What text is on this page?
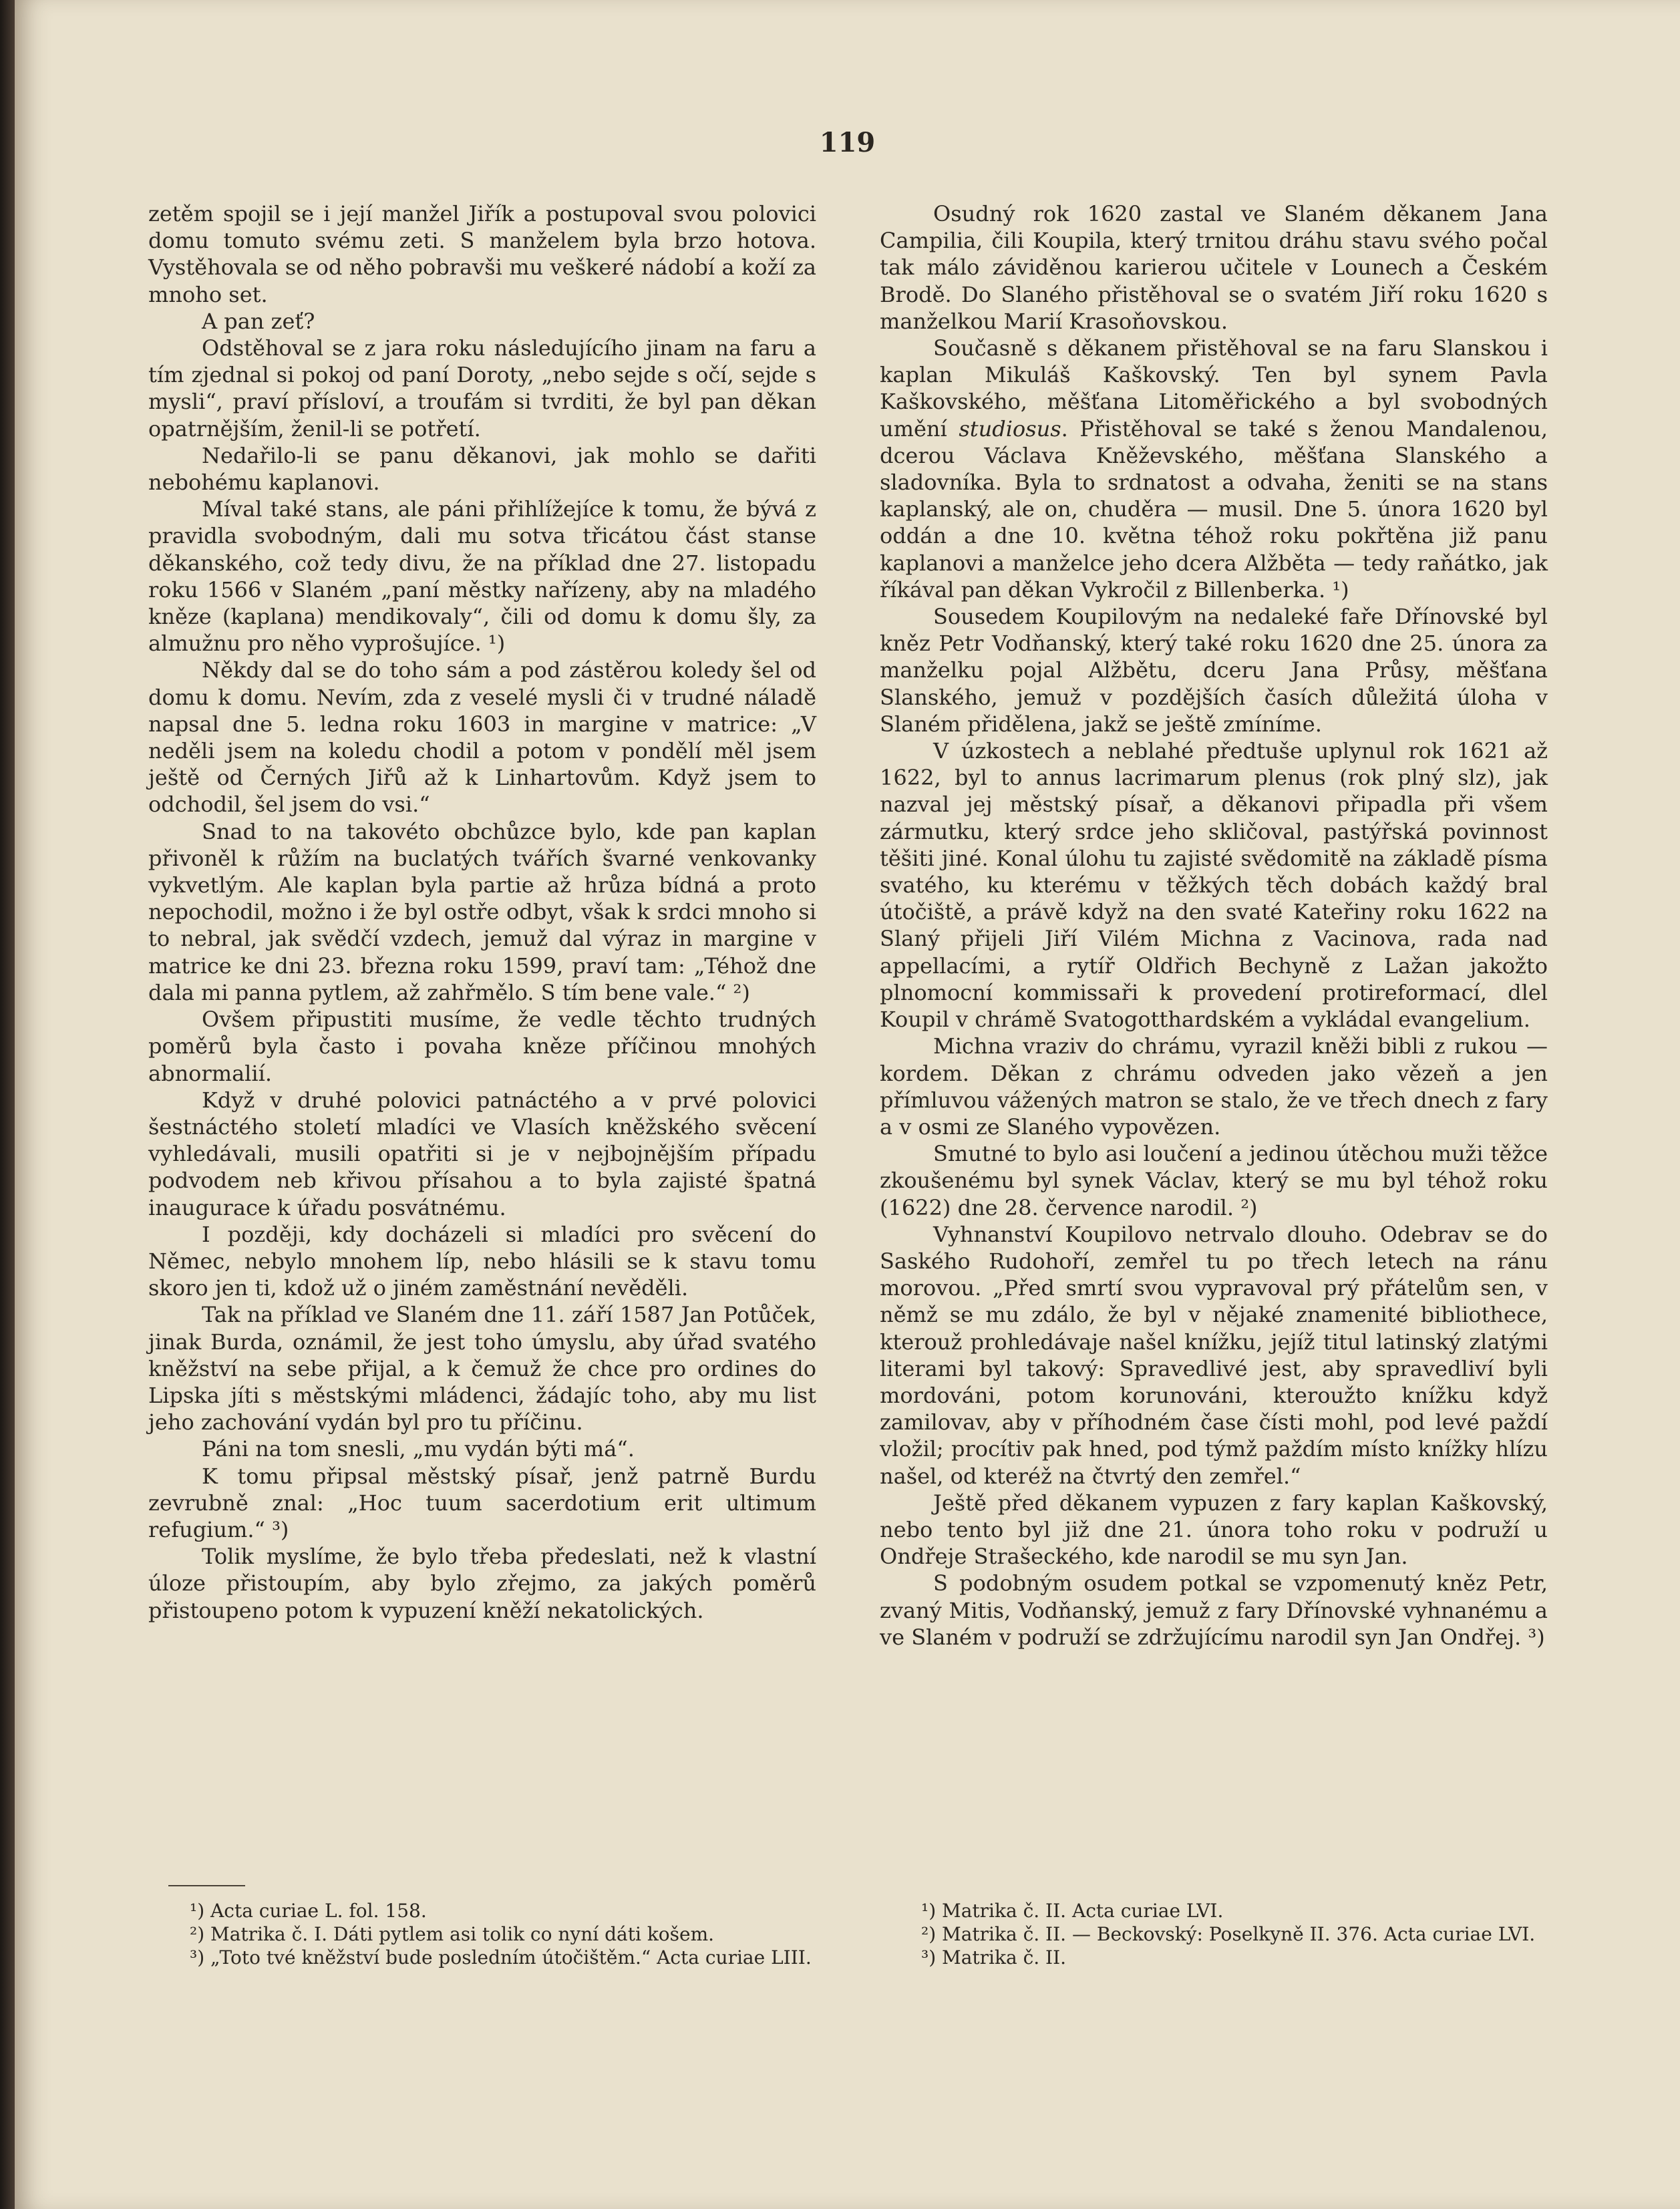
119

zetěm spojil se i její manžel Jiřík a postupoval svou polovici domu tomuto svému zeti. S manželem byla brzo hotova. Vystěhovala se od něho pobravši mu veškeré nádobí a koží za mnoho set.

A pan zeť?

Odstěhoval se z jara roku následujícího jinam na faru a tím zjednal si pokoj od paní Doroty, „nebo sejde s očí, sejde s mysli“, praví přísloví, a troufám si tvrditi, že byl pan děkan opatrnějším, ženil-li se potřetí.

Nedařilo-li se panu děkanovi, jak mohlo se dařiti nebohému kaplanovi.

Míval také stans, ale páni přihlížejíce k tomu, že bývá z pravidla svobodným, dali mu sotva třicátou část stanse děkanského, což tedy divu, že na příklad dne 27. listopadu roku 1566 v Slaném „paní městky nařízeny, aby na mladého kněze (kaplana) mendikovaly“, čili od domu k domu šly, za almužnu pro něho vyprošujíce. ¹)

Někdy dal se do toho sám a pod zástěrou koledy šel od domu k domu. Nevím, zda z veselé mysli či v trudné náladě napsal dne 5. ledna roku 1603 in margine v matrice: „V neděli jsem na koledu chodil a potom v pondělí měl jsem ještě od Černých Jiřů až k Linhartovům. Když jsem to odchodil, šel jsem do vsi.“

Snad to na takovéto obchůzce bylo, kde pan kaplan přivoněl k růžím na buclatých tvářích švarné venkovanky vykvetlým. Ale kaplan byla partie až hrůza bídná a proto nepochodil, možno i že byl ostře odbyt, však k srdci mnoho si to nebral, jak svědčí vzdech, jemuž dal výraz in margine v matrice ke dni 23. března roku 1599, praví tam: „Téhož dne dala mi panna pytlem, až zahřmělo. S tím bene vale.“ ²)

Ovšem připustiti musíme, že vedle těchto trudných poměrů byla často i povaha kněze příčinou mnohých abnormalií.

Když v druhé polovici patnáctého a v prvé polovici šestnáctého století mladíci ve Vlasích kněžského svěcení vyhledávali, musili opatřiti si je v nejbojnějším případu podvodem neb křivou přísahou a to byla zajisté špatná inaugurace k úřadu posvátnému.

I později, kdy docházeli si mladíci pro svěcení do Němec, nebylo mnohem líp, nebo hlásili se k stavu tomu skoro jen ti, kdož už o jiném zaměstnání nevěděli.

Tak na příklad ve Slaném dne 11. září 1587 Jan Potůček, jinak Burda, oznámil, že jest toho úmyslu, aby úřad svatého kněžství na sebe přijal, a k čemuž že chce pro ordines do Lipska jíti s městskými mládenci, žádajíc toho, aby mu list jeho zachování vydán byl pro tu příčinu.

Páni na tom snesli, „mu vydán býti má“.

K tomu připsal městský písař, jenž patrně Burdu zevrubně znal: „Hoc tuum sacerdotium erit ultimum refugium.“ ³)

Tolik myslíme, že bylo třeba předeslati, než k vlastní úloze přistoupím, aby bylo zřejmo, za jakých poměrů přistoupeno potom k vypuzení kněží nekatolických.

Osudný rok 1620 zastal ve Slaném děkanem Jana Campilia, čili Koupila, který trnitou dráhu stavu svého počal tak málo záviděnou karierou učitele v Lounech a Českém Brodě. Do Slaného přistěhoval se o svatém Jiří roku 1620 s manželkou Marií Krasoňovskou.

Současně s děkanem přistěhoval se na faru Slanskou i kaplan Mikuláš Kaškovský. Ten byl synem Pavla Kaškovského, měšťana Litoměřického a byl svobodných umění studiosus. Přistěhoval se také s ženou Mandalenou, dcerou Václava Kněževského, měšťana Slanského a sladovníka. Byla to srdnatost a odvaha, ženiti se na stans kaplanský, ale on, chuděra — musil. Dne 5. února 1620 byl oddán a dne 10. května téhož roku pokřtěna již panu kaplanovi a manželce jeho dcera Alžběta — tedy raňátko, jak říkával pan děkan Vykročil z Billenberka. ¹)

Sousedem Koupilovým na nedaleké faře Dřínovské byl kněz Petr Vodňanský, který také roku 1620 dne 25. února za manželku pojal Alžbětu, dceru Jana Průsy, měšťana Slanského, jemuž v pozdějších časích důležitá úloha v Slaném přidělena, jakž se ještě zmíníme.

V úzkostech a neblahé předtuše uplynul rok 1621 až 1622, byl to annus lacrimarum plenus (rok plný slz), jak nazval jej městský písař, a děkanovi připadla při všem zármutku, který srdce jeho skličoval, pastýřská povinnost těšiti jiné. Konal úlohu tu zajisté svědomitě na základě písma svatého, ku kterému v těžkých těch dobách každý bral útočiště, a právě když na den svaté Kateřiny roku 1622 na Slaný přijeli Jiří Vilém Michna z Vacinova, rada nad appellacími, a rytíř Oldřich Bechyně z Lažan jakožto plnomocní kommissaři k provedení protireformací, dlel Koupil v chrámě Svatogotthardském a vykládal evangelium.

Michna vraziv do chrámu, vyrazil kněži bibli z rukou — kordem. Děkan z chrámu odveden jako vězeň a jen přímluvou vážených matron se stalo, že ve třech dnech z fary a v osmi ze Slaného vypovězen.

Smutné to bylo asi loučení a jedinou útěchou muži těžce zkoušenému byl synek Václav, který se mu byl téhož roku (1622) dne 28. července narodil. ²)

Vyhnanství Koupilovo netrvalo dlouho. Odebrav se do Saského Rudohoří, zemřel tu po třech letech na ránu morovou. „Před smrtí svou vypravoval prý přátelům sen, v němž se mu zdálo, že byl v nějaké znamenité bibliothece, kterouž prohledávaje našel knížku, jejíž titul latinský zlatými literami byl takový: Spravedlivé jest, aby spravedliví byli mordováni, potom korunováni, kteroužto knížku když zamilovav, aby v příhodném čase čísti mohl, pod levé paždí vložil; procítiv pak hned, pod týmž paždím místo knížky hlízu našel, od kteréž na čtvrtý den zemřel.“

Ještě před děkanem vypuzen z fary kaplan Kaškovský, nebo tento byl již dne 21. února toho roku v podruží u Ondřeje Strašeckého, kde narodil se mu syn Jan.

S podobným osudem potkal se vzpomenutý kněz Petr, zvaný Mitis, Vodňanský, jemuž z fary Dřínovské vyhnanému a ve Slaném v podruží se zdržujícímu narodil syn Jan Ondřej. ³)

¹) Acta curiae L. fol. 158.

²) Matrika č. I. Dáti pytlem asi tolik co nyní dáti košem.

³) „Toto tvé kněžství bude posledním útočištěm.“ Acta curiae LIII.

¹) Matrika č. II. Acta curiae LVI.

²) Matrika č. II. — Beckovský: Poselkyně II. 376. Acta curiae LVI.

³) Matrika č. II.
